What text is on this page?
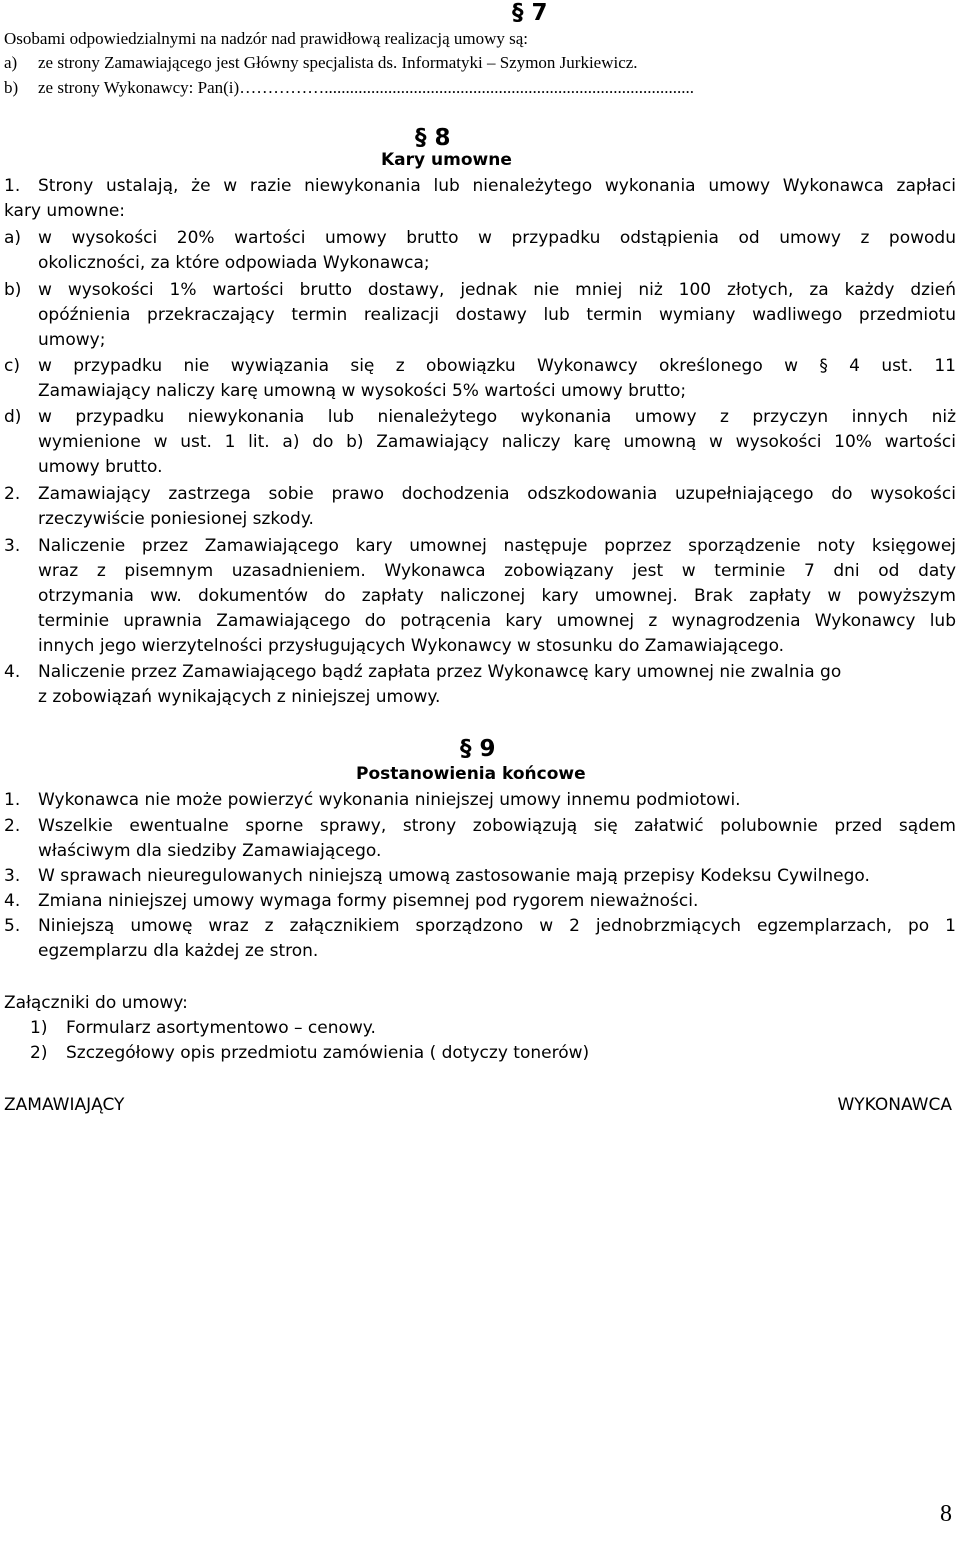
§ 7
Osobami odpowiedzialnymi na nadzór nad prawidłową realizacją umowy są:
a) ze strony Zamawiającego jest Główny specjalista ds. Informatyki – Szymon Jurkiewicz.
b) ze strony Wykonawcy: Pan(i)…………….......................................................................................
§ 8
Kary umowne
1. Strony ustalają, że w razie niewykonania lub nienależytego wykonania umowy Wykonawca zapłaci
kary umowne:
a) w wysokości 20% wartości umowy brutto w przypadku odstąpienia od umowy z powodu
okoliczności, za które odpowiada Wykonawca;
b) w wysokości 1% wartości brutto dostawy, jednak nie mniej niż 100 złotych, za każdy dzień
opóźnienia przekraczający termin realizacji dostawy lub termin wymiany wadliwego przedmiotu
umowy;
c) w przypadku nie wywiązania się z obowiązku Wykonawcy określonego w § 4 ust. 11
Zamawiający naliczy karę umowną w wysokości 5% wartości umowy brutto;
d) w przypadku niewykonania lub nienależytego wykonania umowy z przyczyn innych niż
wymienione w ust. 1 lit. a) do b) Zamawiający naliczy karę umowną w wysokości 10% wartości
umowy brutto.
2. Zamawiający zastrzega sobie prawo dochodzenia odszkodowania uzupełniającego do wysokości
rzeczywiście poniesionej szkody.
3. Naliczenie przez Zamawiającego kary umownej następuje poprzez sporządzenie noty księgowej
wraz z pisemnym uzasadnieniem. Wykonawca zobowiązany jest w terminie 7 dni od daty
otrzymania ww. dokumentów do zapłaty naliczonej kary umownej. Brak zapłaty w powyższym
terminie uprawnia Zamawiającego do potrącenia kary umownej z wynagrodzenia Wykonawcy lub
innych jego wierzytelności przysługujących Wykonawcy w stosunku do Zamawiającego.
4. Naliczenie przez Zamawiającego bądź zapłata przez Wykonawcę kary umownej nie zwalnia go
z zobowiązań wynikających z niniejszej umowy.
§ 9
Postanowienia końcowe
1. Wykonawca nie może powierzyć wykonania niniejszej umowy innemu podmiotowi.
2. Wszelkie ewentualne sporne sprawy, strony zobowiązują się załatwić polubownie przed sądem
właściwym dla siedziby Zamawiającego.
3. W sprawach nieuregulowanych niniejszą umową zastosowanie mają przepisy Kodeksu Cywilnego.
4. Zmiana niniejszej umowy wymaga formy pisemnej pod rygorem nieważności.
5. Niniejszą umowę wraz z załącznikiem sporządzono w 2 jednobrzmiących egzemplarzach, po 1
egzemplarzu dla każdej ze stron.
Załączniki do umowy:
1) Formularz asortymentowo – cenowy.
2) Szczegółowy opis przedmiotu zamówienia ( dotyczy tonerów)
ZAMAWIAJĄCY	WYKONAWCA
8
